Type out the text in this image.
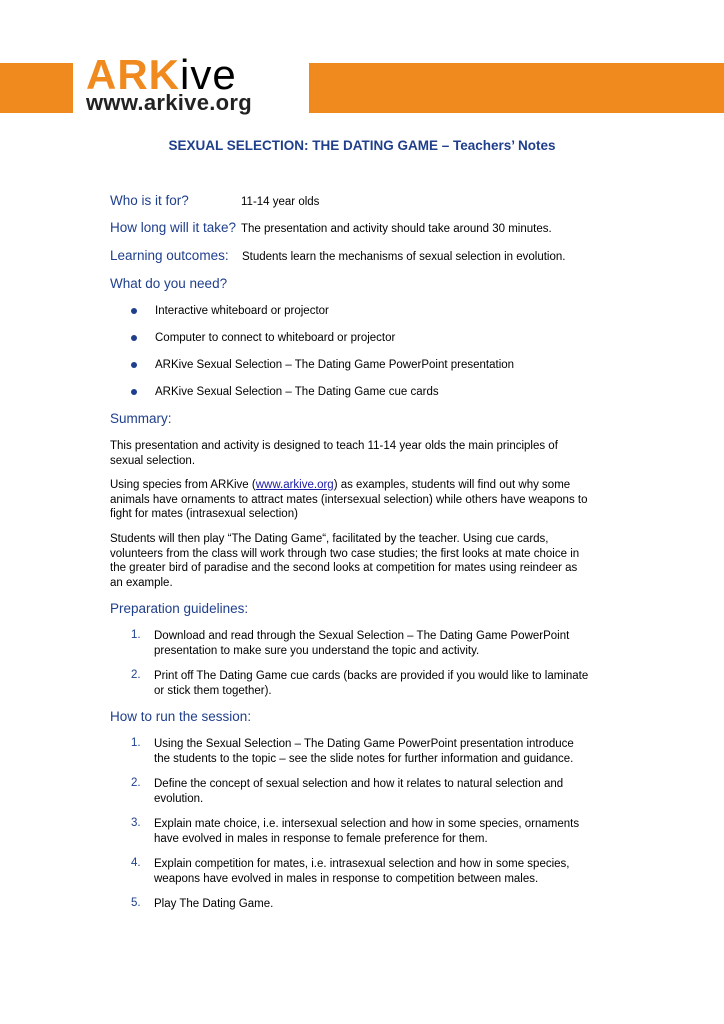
ARKive
www.arkive.org
SEXUAL SELECTION: THE DATING GAME – Teachers’ Notes
Who is it for?	11-14 year olds
How long will it take? The presentation and activity should take around 30 minutes.
Learning outcomes: Students learn the mechanisms of sexual selection in evolution.
What do you need?
Interactive whiteboard or projector
Computer to connect to whiteboard or projector
ARKive Sexual Selection – The Dating Game PowerPoint presentation
ARKive Sexual Selection – The Dating Game cue cards
Summary:
This presentation and activity is designed to teach 11-14 year olds the main principles of
sexual selection.
Using species from ARKive (www.arkive.org) as examples, students will find out why some
animals have ornaments to attract mates (intersexual selection) while others have weapons to
fight for mates (intrasexual selection)
Students will then play “The Dating Game“, facilitated by the teacher. Using cue cards,
volunteers from the class will work through two case studies; the first looks at mate choice in
the greater bird of paradise and the second looks at competition for mates using reindeer as
an example.
Preparation guidelines:
1. Download and read through the Sexual Selection – The Dating Game PowerPoint
presentation to make sure you understand the topic and activity.
2. Print off The Dating Game cue cards (backs are provided if you would like to laminate
or stick them together).
How to run the session:
1. Using the Sexual Selection – The Dating Game PowerPoint presentation introduce
the students to the topic – see the slide notes for further information and guidance.
2. Define the concept of sexual selection and how it relates to natural selection and
evolution.
3. Explain mate choice, i.e. intersexual selection and how in some species, ornaments
have evolved in males in response to female preference for them.
4. Explain competition for mates, i.e. intrasexual selection and how in some species,
weapons have evolved in males in response to competition between males.
5. Play The Dating Game.
